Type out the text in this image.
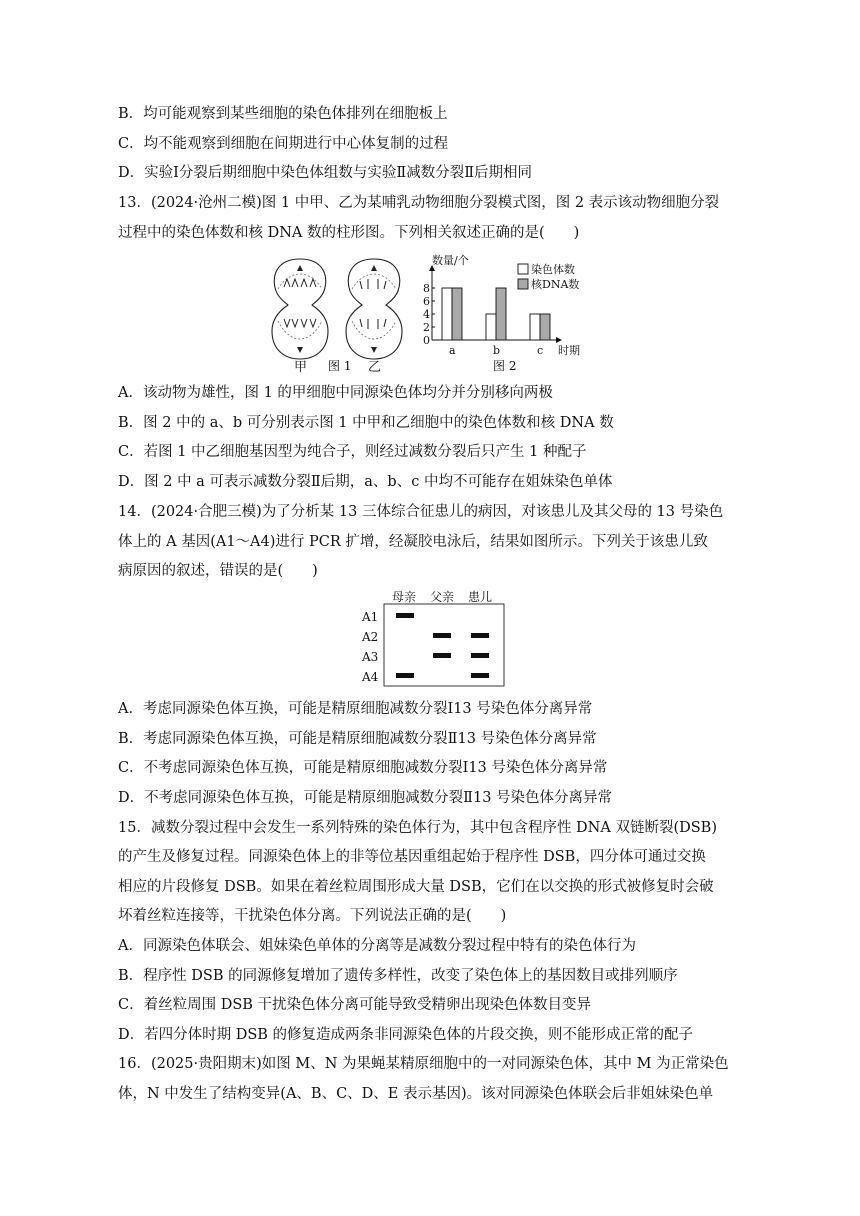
B．均可能观察到某些细胞的染色体排列在细胞板上
C．均不能观察到细胞在间期进行中心体复制的过程
D．实验Ⅰ分裂后期细胞中染色体组数与实验Ⅱ减数分裂Ⅱ后期相同
13．(2024·沧州二模)图 1 中甲、乙为某哺乳动物细胞分裂模式图，图 2 表示该动物细胞分裂
过程中的染色体数和核 DNA 数的柱形图。下列相关叙述正确的是(　　)
甲	乙
图 1
0
2
4
6
8
a	b	c
染色体数
核DNA数
数量/个
时期
图 2
A．该动物为雄性，图 1 的甲细胞中同源染色体均分并分别移向两极
B．图 2 中的 a、b 可分别表示图 1 中甲和乙细胞中的染色体数和核 DNA 数
C．若图 1 中乙细胞基因型为纯合子，则经过减数分裂后只产生 1 种配子
D．图 2 中 a 可表示减数分裂Ⅱ后期，a、b、c 中均不可能存在姐妹染色单体
14．(2024·合肥三模)为了分析某 13 三体综合征患儿的病因，对该患儿及其父母的 13 号染色
体上的 A 基因(A1～A4)进行 PCR 扩增，经凝胶电泳后，结果如图所示。下列关于该患儿致
病原因的叙述，错误的是(　　)
母亲 父亲 患儿
A1
A2
A3
A4
A．考虑同源染色体互换，可能是精原细胞减数分裂Ⅰ13 号染色体分离异常
B．考虑同源染色体互换，可能是精原细胞减数分裂Ⅱ13 号染色体分离异常
C．不考虑同源染色体互换，可能是精原细胞减数分裂Ⅰ13 号染色体分离异常
D．不考虑同源染色体互换，可能是精原细胞减数分裂Ⅱ13 号染色体分离异常
15．减数分裂过程中会发生一系列特殊的染色体行为，其中包含程序性 DNA 双链断裂(DSB)
的产生及修复过程。同源染色体上的非等位基因重组起始于程序性 DSB，四分体可通过交换
相应的片段修复 DSB。如果在着丝粒周围形成大量 DSB，它们在以交换的形式被修复时会破
坏着丝粒连接等，干扰染色体分离。下列说法正确的是(　　)
A．同源染色体联会、姐妹染色单体的分离等是减数分裂过程中特有的染色体行为
B．程序性 DSB 的同源修复增加了遗传多样性，改变了染色体上的基因数目或排列顺序
C．着丝粒周围 DSB 干扰染色体分离可能导致受精卵出现染色体数目变异
D．若四分体时期 DSB 的修复造成两条非同源染色体的片段交换，则不能形成正常的配子
16．(2025·贵阳期末)如图 M、N 为果蝇某精原细胞中的一对同源染色体，其中 M 为正常染色
体，N 中发生了结构变异(A、B、C、D、E 表示基因)。该对同源染色体联会后非姐妹染色单
